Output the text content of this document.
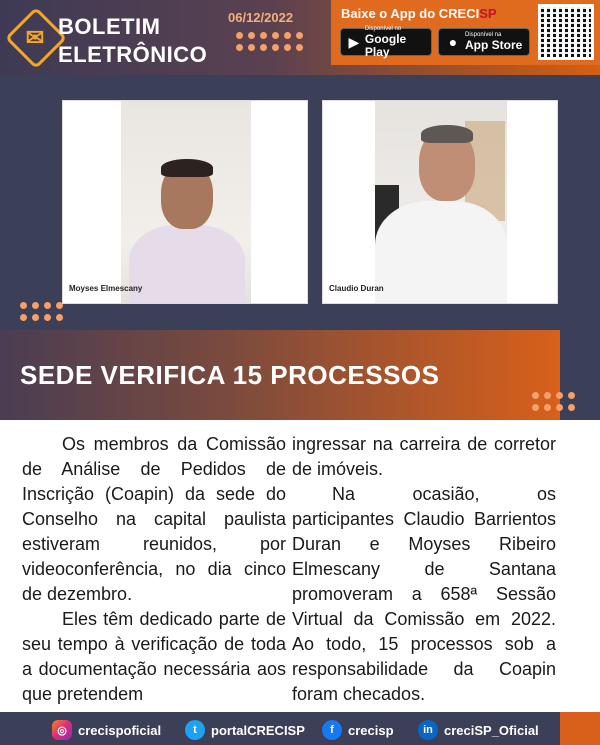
✉ BOLETIM
ELETRÔNICO
06/12/2022	Baixe o App do CRECISP
▶
Disponível no
Google Play
●	Disponível na
App Store
Moyses Elmescany	Claudio Duran
SEDE VERIFICA 15 PROCESSOS

Os membros da Comissão de Análise de Pedidos de Inscrição (Coapin) da sede do Conselho na capital paulista estiveram reunidos, por videoconferência, no dia cinco de dezembro.

Eles têm dedicado parte de seu tempo à verificação de toda a documentação necessária aos que pretendem

ingressar na carreira de corretor de imóveis.

Na ocasião, os participantes Claudio Barrientos Duran e Moyses Ribeiro Elmescany de Santana promoveram a 658ª Sessão Virtual da Comissão em 2022. Ao todo, 15 processos sob a responsabilidade da Coapin foram checados.

◎ crecispoficial	t	portalCRECISP	f	crecisp	in creciSP_Oficial
